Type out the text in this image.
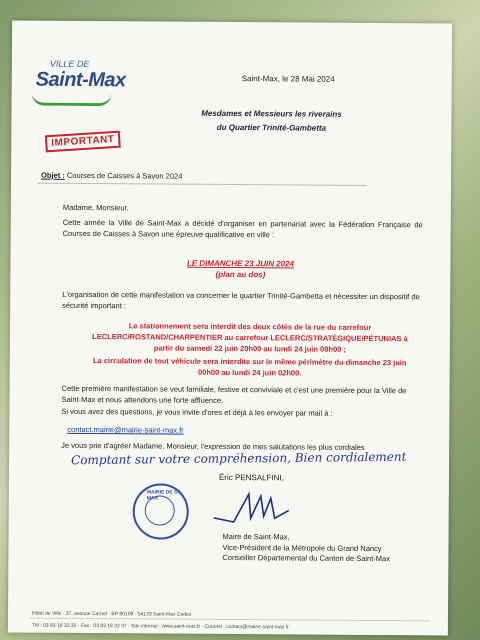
VILLE DE
Saint-Max	Saint-Max, le 28 Mai 2024
Mesdames et Messieurs les riverains
du Quartier Trinité-Gambetta
IMPORTANT
Objet : Courses de Caisses à Savon 2024
Madame, Monsieur,
Cette année la Ville de Saint-Max a décidé d'organiser en partenariat avec la Fédération Française de Courses de Caisses à Savon une épreuve qualificative en ville :
LE DIMANCHE 23 JUIN 2024
(plan au dos)
L'organisation de cette manifestation va concerner le quartier Trinité-Gambetta et nécessiter un dispositif de sécurité important :
Le stationnement sera interdit des deux côtés de la rue du carrefour LECLERC/ROSTAND/CHARPENTIER au carrefour LECLERC/STRATÉGIQUE/PÉTUNIAS à partir du samedi 22 juin 20h00 au lundi 24 juin 08h00 ;
La circulation de tout véhicule sera interdite sur le même périmètre du dimanche 23 juin 00h00 au lundi 24 juin 02h00.
Cette première manifestation se veut familiale, festive et conviviale et c'est une première pour la Ville de Saint-Max et nous attendons une forte affluence.
Si vous avez des questions, je vous invite d'ores et déjà à les envoyer par mail à :
contact.mairie@mairie-saint-max.fr
Je vous prie d'agréer Madame, Monsieur, l'expression de mes salutations les plus cordiales
Comptant sur votre compréhension, Bien cordialement
Éric PENSALFINI,
MAIRIE DE ST-MAX
Maire de Saint-Max,
Vice-Président de la Métropole du Grand Nancy
Conseiller Départemental du Canton de Saint-Max
Hôtel de Ville · 37, avenue Carnot · BP 80109 · 54133 Saint-Max Cedex
Tél : 03 83 18 32 32 · Fax : 03 83 18 32 37 · Site internet : www.saint-max.fr · Courriel : contact@mairie-saint-max.fr
